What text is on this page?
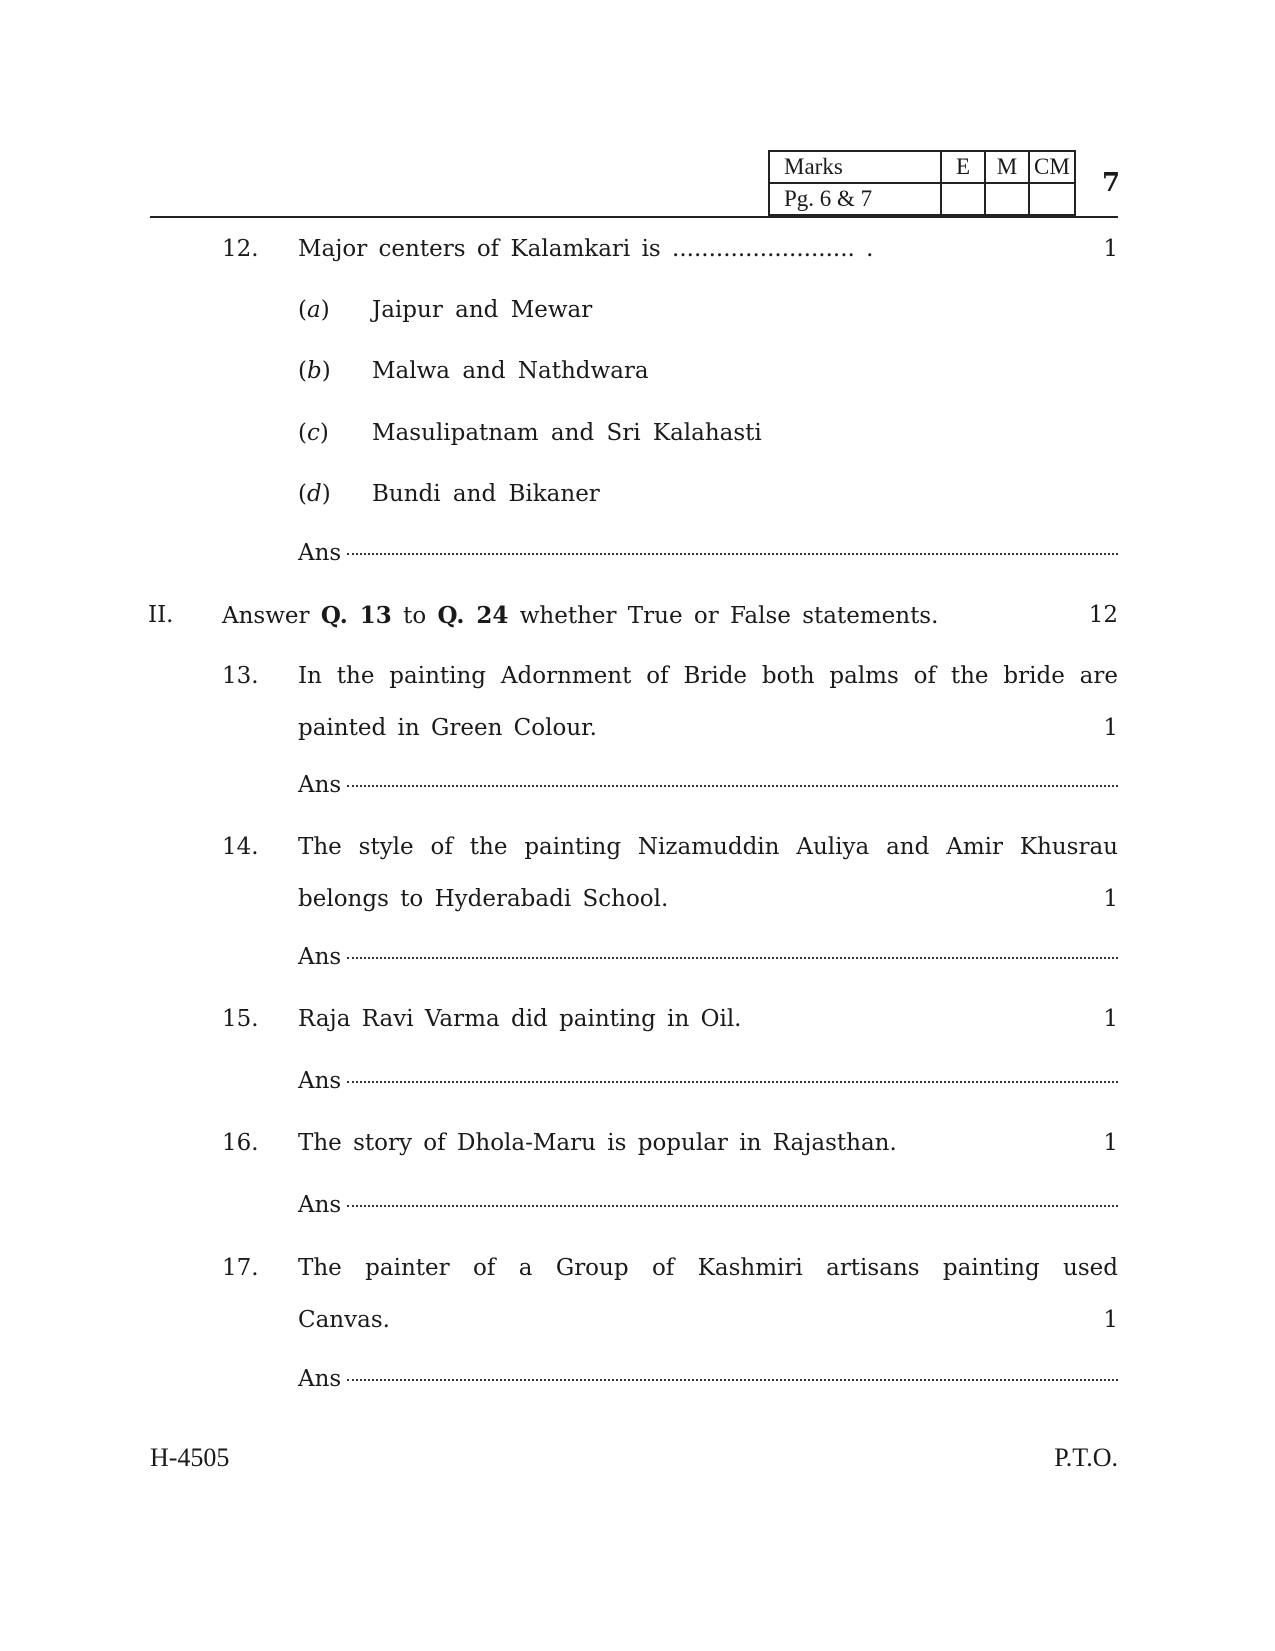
Marks	E	M	CM
Pg. 6 & 7			
7
12. Major centers of Kalamkari is ......................... .	1
(a) Jaipur and Mewar
(b) Malwa and Nathdwara
(c) Masulipatnam and Sri Kalahasti
(d) Bundi and Bikaner
Ans
II. Answer Q. 13 to Q. 24 whether True or False statements.	12
13. In the painting Adornment of Bride both palms of the bride are
painted in Green Colour.	1
Ans
14. The style of the painting Nizamuddin Auliya and Amir Khusrau
belongs to Hyderabadi School.	1
Ans
15. Raja Ravi Varma did painting in Oil.	1
Ans
16. The story of Dhola-Maru is popular in Rajasthan.	1
Ans
17. The painter of a Group of Kashmiri artisans painting used
Canvas.	1
Ans
H-4505	P.T.O.
